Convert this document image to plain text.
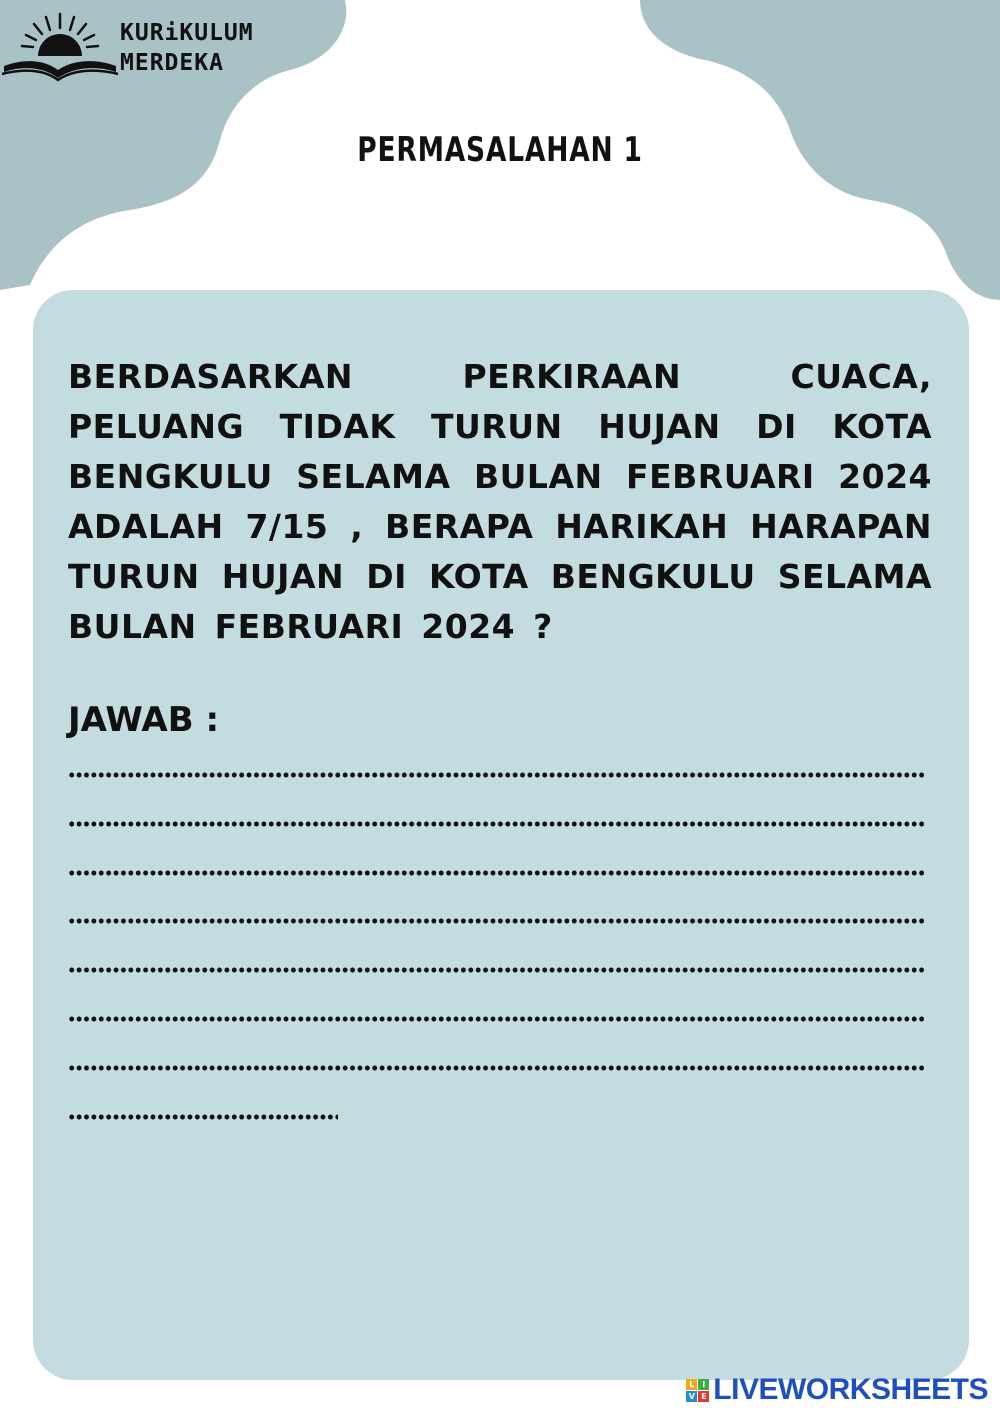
KURiKULUM
MERDEKA
PERMASALAHAN 1
BERDASARKAN PERKIRAAN CUACA, PELUANG TIDAK TURUN HUJAN DI KOTA BENGKULU SELAMA BULAN FEBRUARI 2024 ADALAH 7/15 , BERAPA HARIKAH HARAPAN TURUN HUJAN DI KOTA BENGKULU SELAMA BULAN FEBRUARI 2024 ?
JAWAB :
L I
V E LIVEWORKSHEETS
